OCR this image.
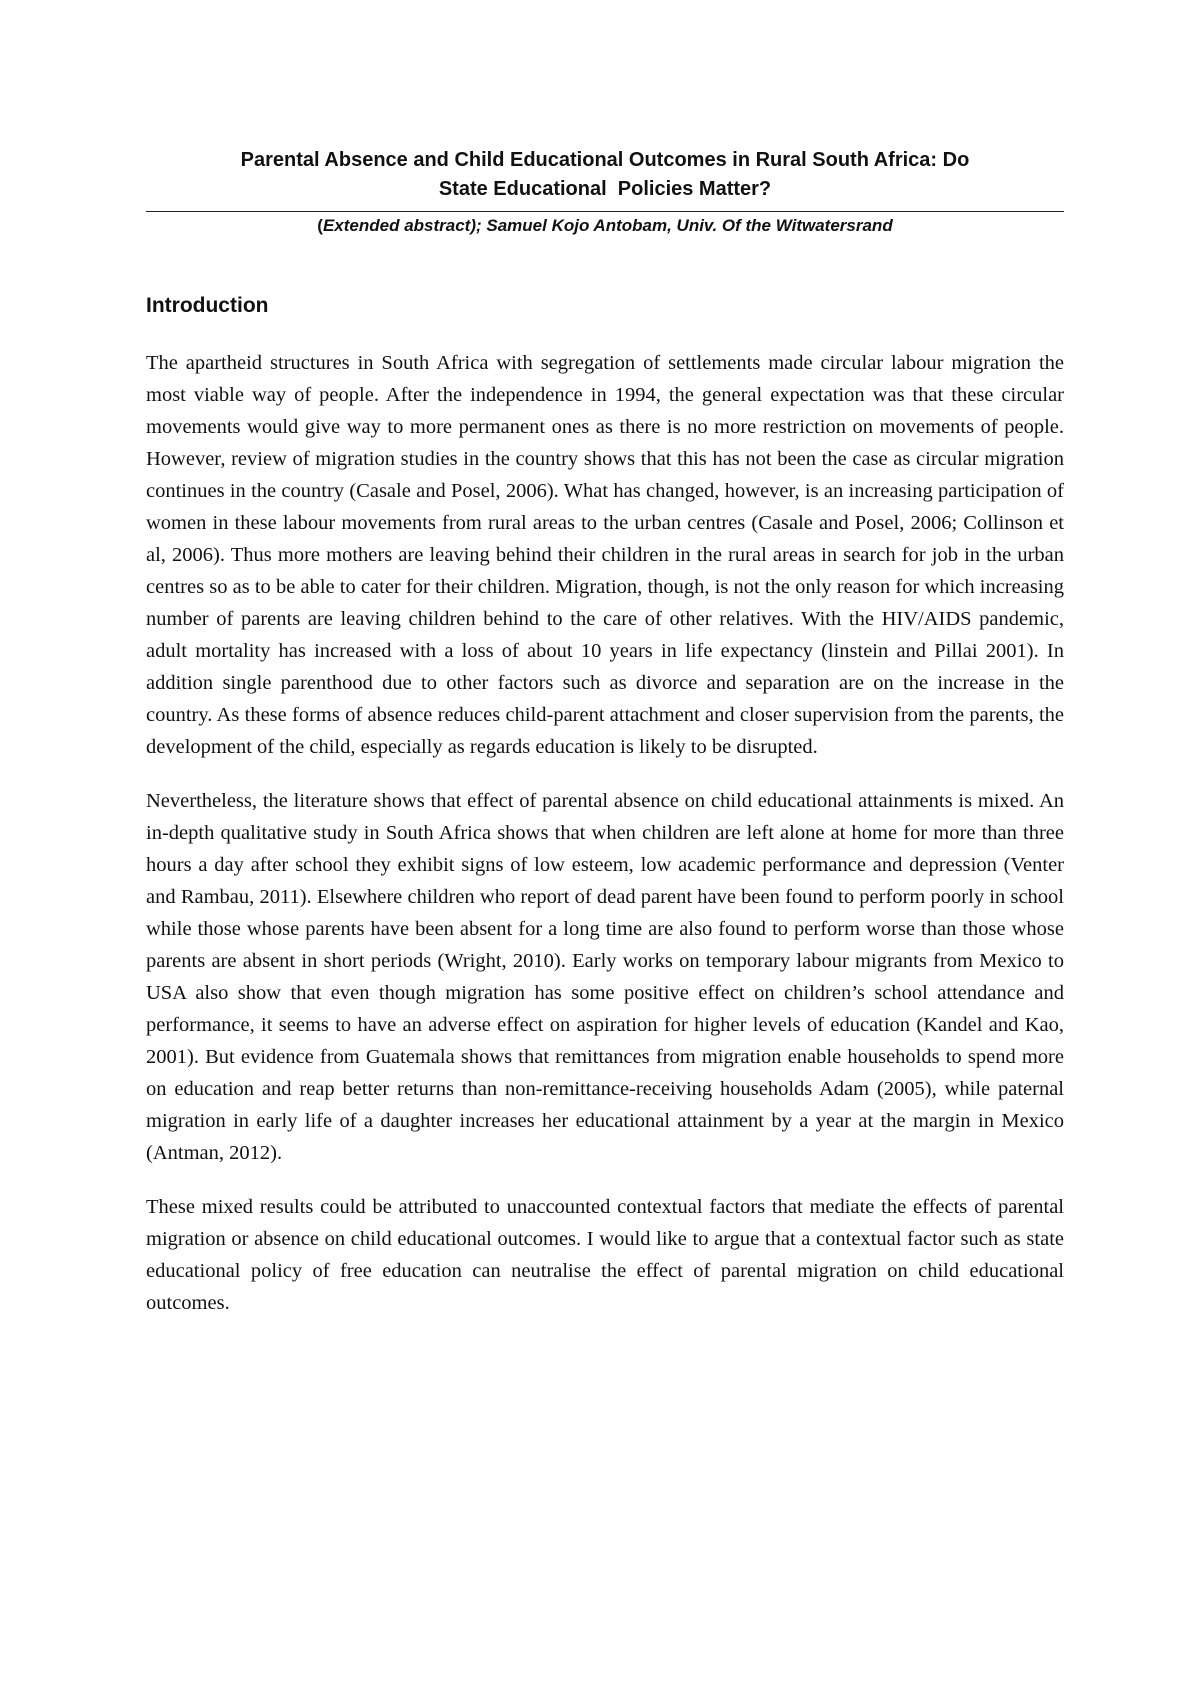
Parental Absence and Child Educational Outcomes in Rural South Africa: Do
State Educational  Policies Matter?
(Extended abstract); Samuel Kojo Antobam, Univ. Of the Witwatersrand
Introduction

The apartheid structures in South Africa with segregation of settlements made circular labour migration the most viable way of people. After the independence in 1994, the general expectation was that these circular movements would give way to more permanent ones as there is no more restriction on movements of people. However, review of migration studies in the country shows that this has not been the case as circular migration continues in the country (Casale and Posel, 2006). What has changed, however, is an increasing participation of women in these labour movements from rural areas to the urban centres (Casale and Posel, 2006; Collinson et al, 2006). Thus more mothers are leaving behind their children in the rural areas in search for job in the urban centres so as to be able to cater for their children. Migration, though, is not the only reason for which increasing number of parents are leaving children behind to the care of other relatives. With the HIV/AIDS pandemic, adult mortality has increased with a loss of about 10 years in life expectancy (linstein and Pillai 2001). In addition single parenthood due to other factors such as divorce and separation are on the increase in the country. As these forms of absence reduces child-parent attachment and closer supervision from the parents, the development of the child, especially as regards education is likely to be disrupted.

Nevertheless, the literature shows that effect of parental absence on child educational attainments is mixed. An in-depth qualitative study in South Africa shows that when children are left alone at home for more than three hours a day after school they exhibit signs of low esteem, low academic performance and depression (Venter and Rambau, 2011). Elsewhere children who report of dead parent have been found to perform poorly in school while those whose parents have been absent for a long time are also found to perform worse than those whose parents are absent in short periods (Wright, 2010). Early works on temporary labour migrants from Mexico to USA also show that even though migration has some positive effect on children’s school attendance and performance, it seems to have an adverse effect on aspiration for higher levels of education (Kandel and Kao, 2001). But evidence from Guatemala shows that remittances from migration enable households to spend more on education and reap better returns than non-remittance-receiving households Adam (2005), while paternal migration in early life of a daughter increases her educational attainment by a year at the margin in Mexico (Antman, 2012).

These mixed results could be attributed to unaccounted contextual factors that mediate the effects of parental migration or absence on child educational outcomes. I would like to argue that a contextual factor such as state educational policy of free education can neutralise the effect of parental migration on child educational outcomes.
